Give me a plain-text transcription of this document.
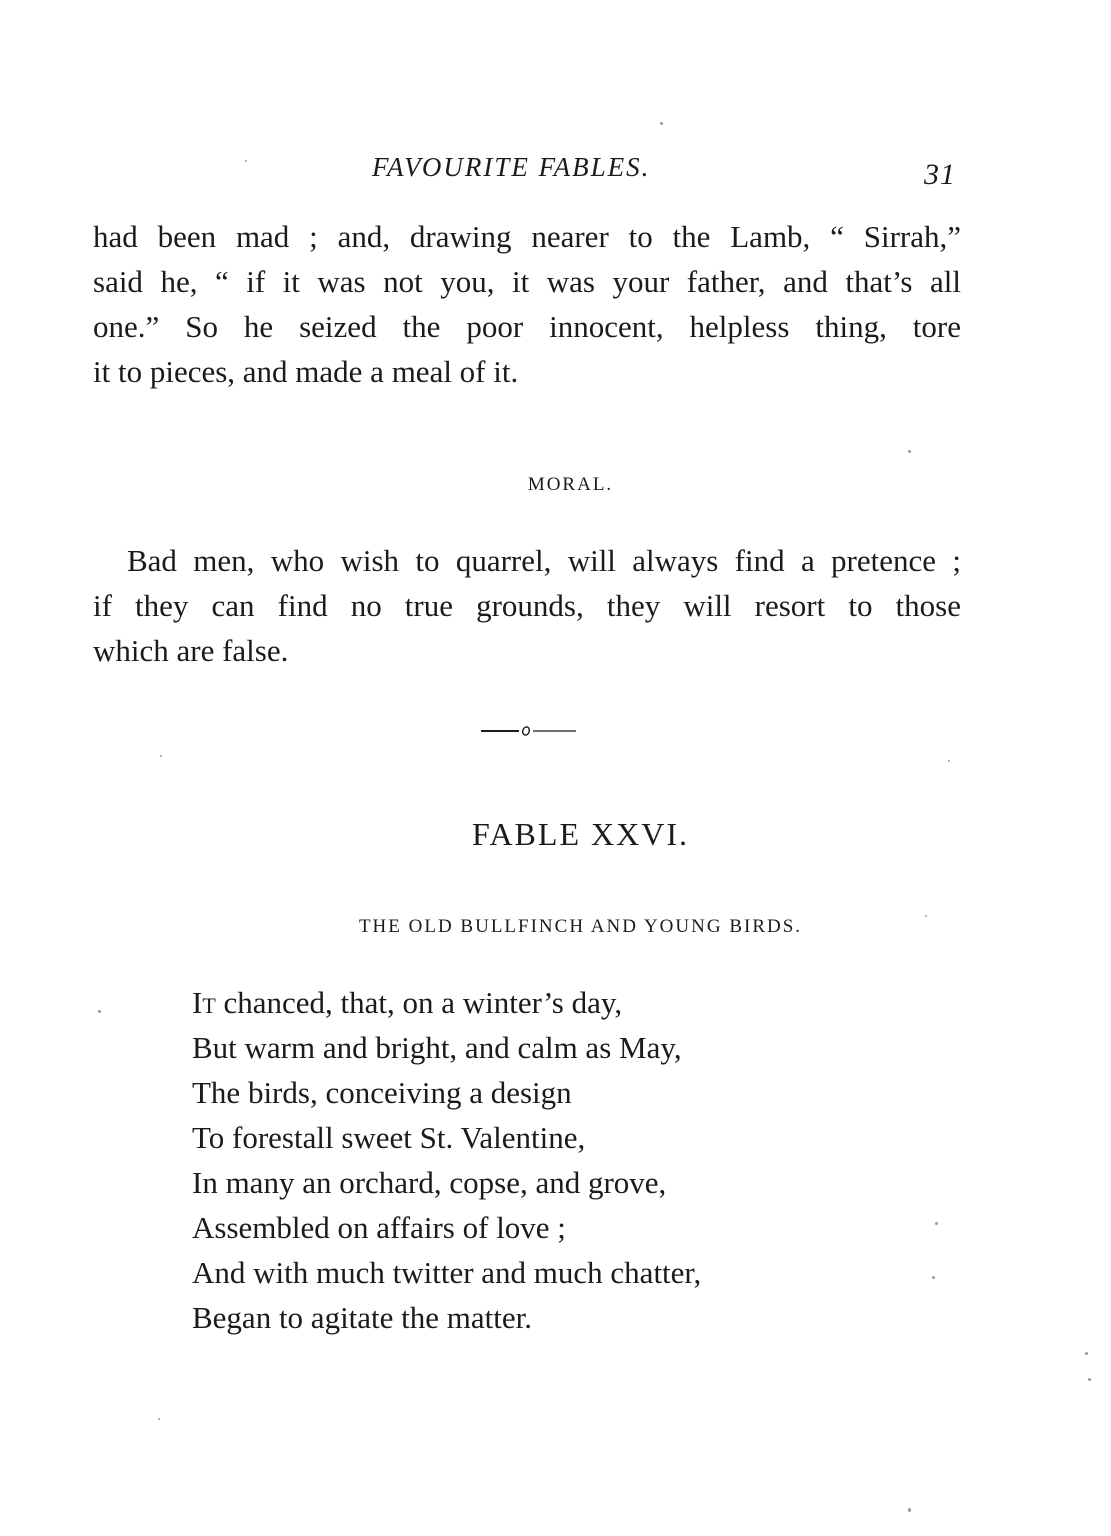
FAVOURITE FABLES.	31

had been mad ; and, drawing nearer to the Lamb, “ Sirrah,”
said he, “ if it was not you, it was your father, and that’s all
one.” So he seized the poor innocent, helpless thing, tore
it to pieces, and made a meal of it.

MORAL.

Bad men, who wish to quarrel, will always find a pretence ;
if they can find no true grounds, they will resort to those
which are false.

FABLE XXVI.
THE OLD BULLFINCH AND YOUNG BIRDS.
It chanced, that, on a winter’s day,
But warm and bright, and calm as May,
The birds, conceiving a design
To forestall sweet St. Valentine,
In many an orchard, copse, and grove,
Assembled on affairs of love ;
And with much twitter and much chatter,
Began to agitate the matter.
